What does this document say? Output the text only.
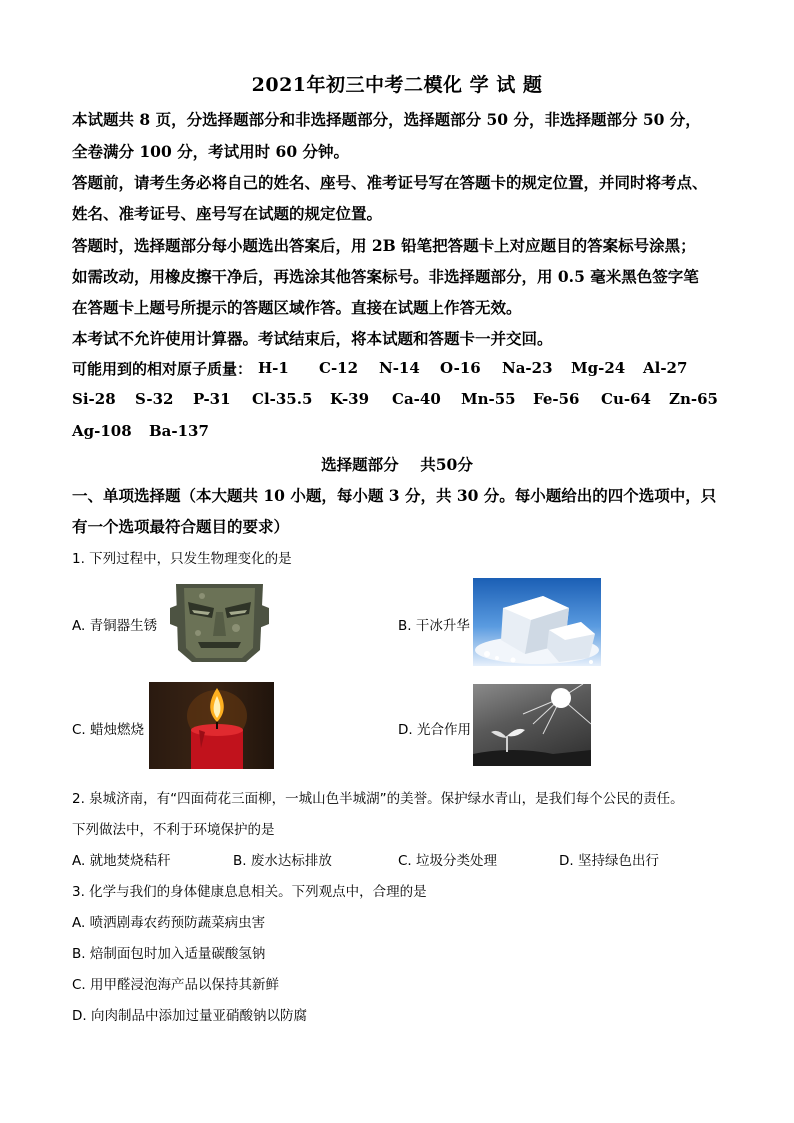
2021年初三中考二模化 学 试 题
本试题共 8 页，分选择题部分和非选择题部分，选择题部分 50 分，非选择题部分 50 分，
全卷满分 100 分，考试用时 60 分钟。
答题前，请考生务必将自己的姓名、座号、准考证号写在答题卡的规定位置，并同时将考点、
姓名、准考证号、座号写在试题的规定位置。
答题时，选择题部分每小题选出答案后，用 2B 铅笔把答题卡上对应题目的答案标号涂黑；
如需改动，用橡皮擦干净后，再选涂其他答案标号。非选择题部分，用 0.5 毫米黑色签字笔
在答题卡上题号所提示的答题区域作答。直接在试题上作答无效。
本考试不允许使用计算器。考试结束后，将本试题和答题卡一并交回。
可能用到的相对原子质量： H-1 C-12 N-14 O-16 Na-23 Mg-24 Al-27
Si-28 S-32 P-31 Cl-35.5 K-39 Ca-40 Mn-55 Fe-56 Cu-64 Zn-65
Ag-108 Ba-137
选择题部分    共50分
一、单项选择题（本大题共 10 小题，每小题 3 分，共 30 分。每小题给出的四个选项中，只
有一个选项最符合题目的要求）
1. 下列过程中，只发生物理变化的是
A. 青铜器生锈	B. 干冰升华
C. 蜡烛燃烧	D. 光合作用
2. 泉城济南，有“四面荷花三面柳，一城山色半城湖”的美誉。保护绿水青山，是我们每个公民的责任。
下列做法中，不利于环境保护的是
A. 就地焚烧秸秆	B. 废水达标排放	C. 垃圾分类处理	D. 坚持绿色出行
3. 化学与我们的身体健康息息相关。下列观点中，合理的是
A. 喷洒剧毒农药预防蔬菜病虫害
B. 焙制面包时加入适量碳酸氢钠
C. 用甲醛浸泡海产品以保持其新鲜
D. 向肉制品中添加过量亚硝酸钠以防腐
